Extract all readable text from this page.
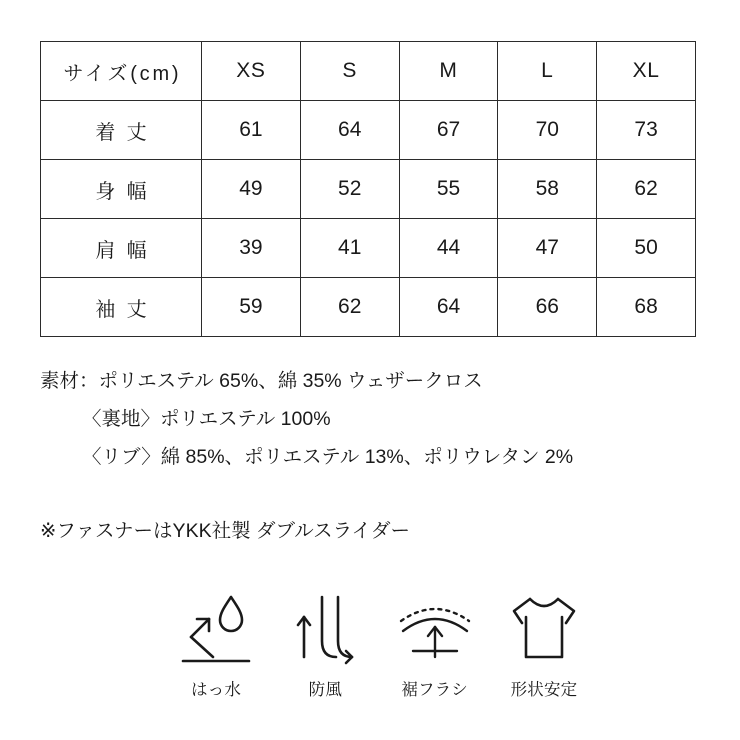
サイズ(cm)	XS	S	M	L	XL
着 丈	61	64	67	70	73
身 幅	49	52	55	58	62
肩 幅	39	41	44	47	50
袖 丈	59	62	64	66	68
素材：ポリエステル 65%、綿 35% ウェザークロス
〈裏地〉ポリエステル 100%
〈リブ〉綿 85%、ポリエステル 13%、ポリウレタン 2%
※ファスナーはYKK社製 ダブルスライダー
はっ水	防風	裾フラシ	形状安定
